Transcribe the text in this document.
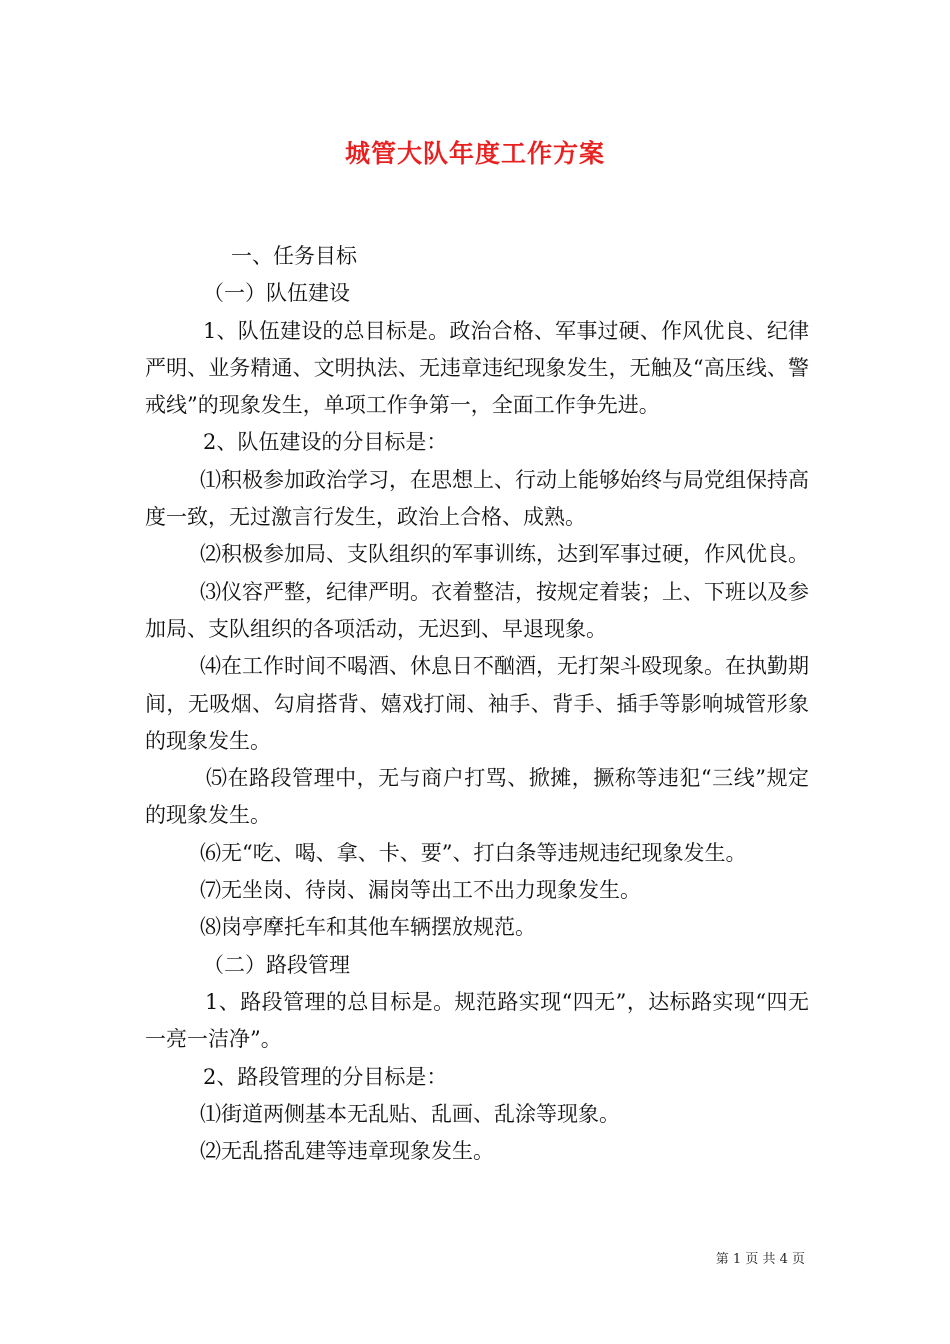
城管大队年度工作方案

一、任务目标

（一）队伍建设

1、队伍建设的总目标是。政治合格、军事过硬、作风优良、纪律严明、业务精通、文明执法、无违章违纪现象发生，无触及“高压线、警戒线”的现象发生，单项工作争第一，全面工作争先进。

2、队伍建设的分目标是：

⑴积极参加政治学习，在思想上、行动上能够始终与局党组保持高度一致，无过激言行发生，政治上合格、成熟。

⑵积极参加局、支队组织的军事训练，达到军事过硬，作风优良。

⑶仪容严整，纪律严明。衣着整洁，按规定着装；上、下班以及参加局、支队组织的各项活动，无迟到、早退现象。

⑷在工作时间不喝酒、休息日不酗酒，无打架斗殴现象。在执勤期间，无吸烟、勾肩搭背、嬉戏打闹、袖手、背手、插手等影响城管形象的现象发生。

⑸在路段管理中，无与商户打骂、掀摊，撅称等违犯“三线”规定的现象发生。

⑹无“吃、喝、拿、卡、要”、打白条等违规违纪现象发生。

⑺无坐岗、待岗、漏岗等出工不出力现象发生。

⑻岗亭摩托车和其他车辆摆放规范。

（二）路段管理

1、路段管理的总目标是。规范路实现“四无”，达标路实现“四无一亮一洁净”。

2、路段管理的分目标是：

⑴街道两侧基本无乱贴、乱画、乱涂等现象。

⑵无乱搭乱建等违章现象发生。

第 1 页 共 4 页
